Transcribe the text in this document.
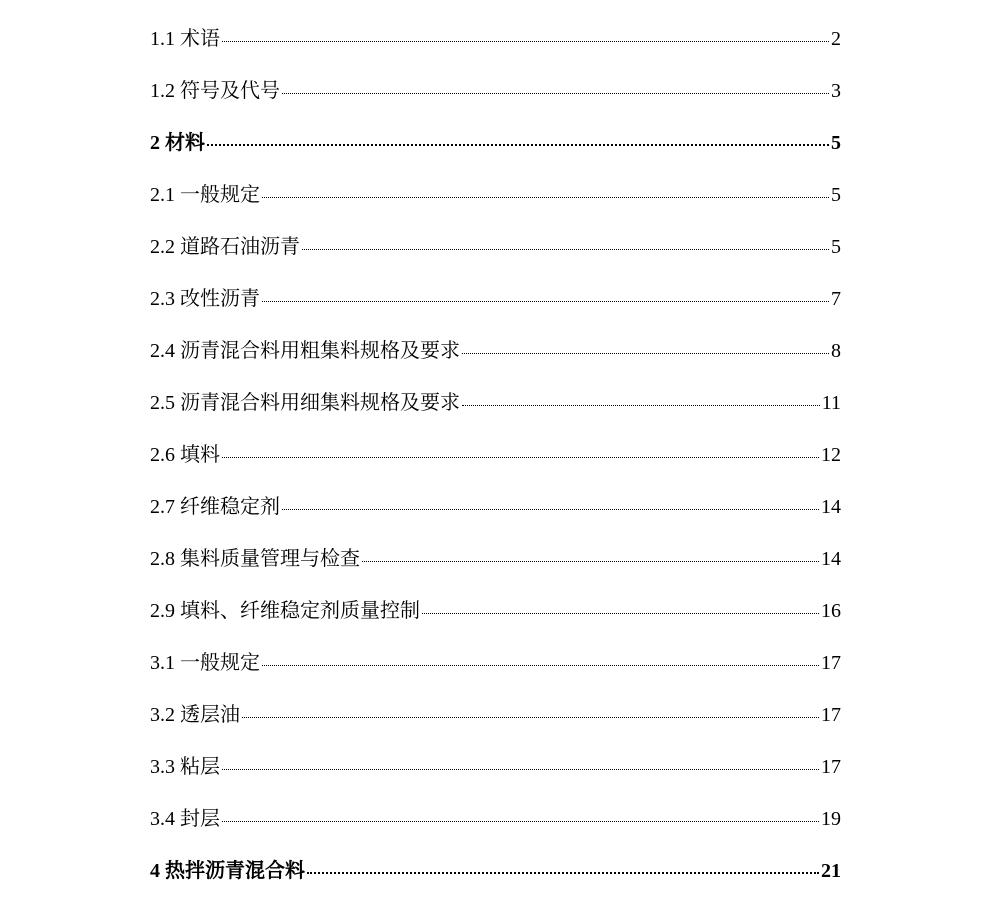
1.1 术语	2
1.2 符号及代号	3
2 材料	5
2.1 一般规定	5
2.2 道路石油沥青	5
2.3 改性沥青	7
2.4 沥青混合料用粗集料规格及要求	8
2.5 沥青混合料用细集料规格及要求	11
2.6 填料	12
2.7 纤维稳定剂	14
2.8 集料质量管理与检查	14
2.9 填料、纤维稳定剂质量控制	16
3.1 一般规定	17
3.2 透层油	17
3.3 粘层	17
3.4 封层	19
4 热拌沥青混合料	21
